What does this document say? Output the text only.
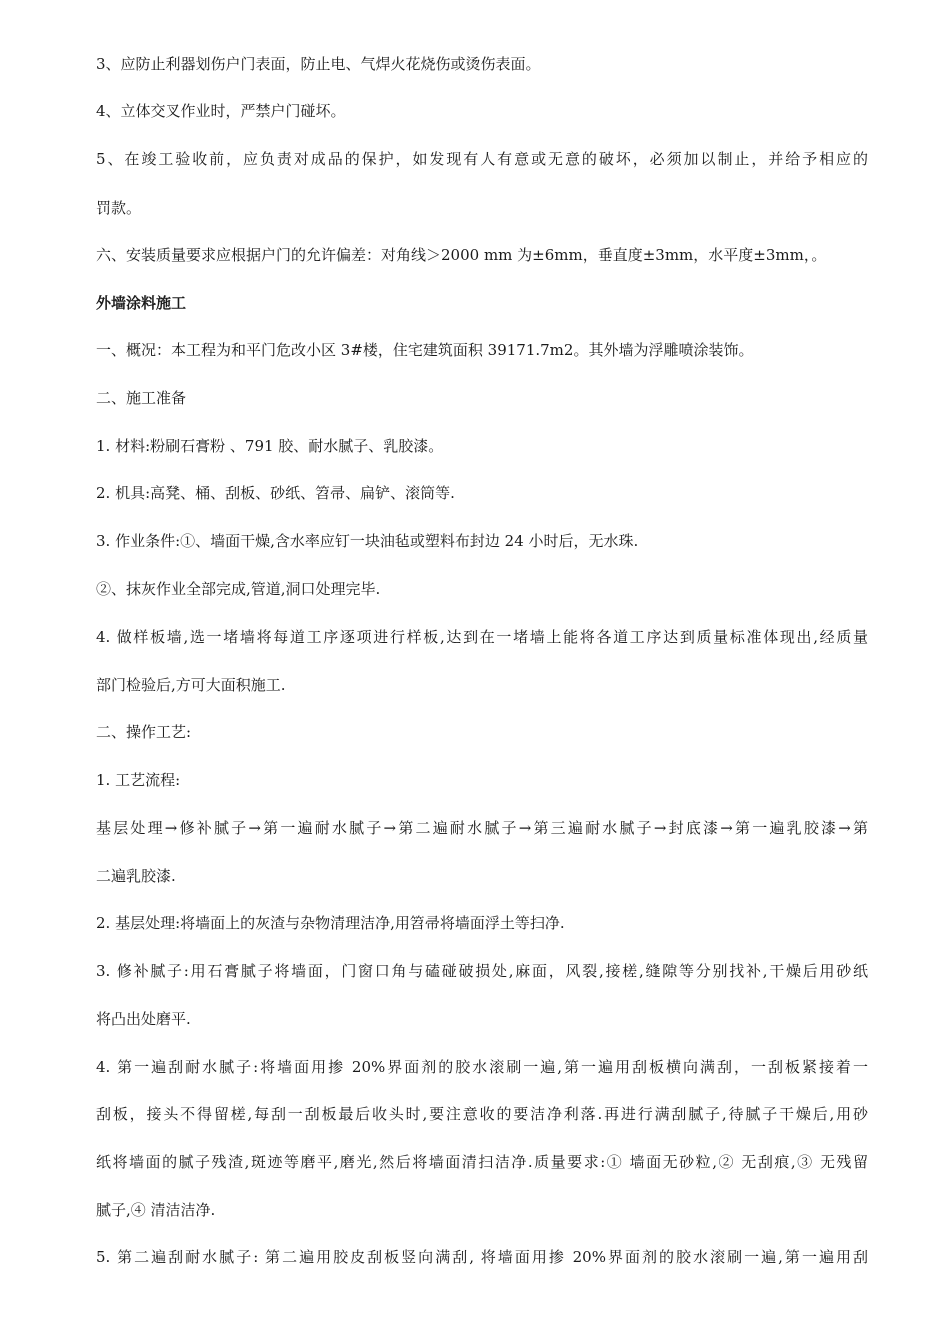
3、应防止利器划伤户门表面，防止电、气焊火花烧伤或烫伤表面。
4、立体交叉作业时，严禁户门碰坏。
5、在竣工验收前，应负责对成品的保护，如发现有人有意或无意的破坏，必须加以制止，并给予相应的
罚款。
六、安装质量要求应根据户门的允许偏差：对角线＞2000 mm 为±6mm，垂直度±3mm，水平度±3mm，。
外墙涂料施工
一、概况：本工程为和平门危改小区 3#楼，住宅建筑面积 39171.7m2。其外墙为浮雕喷涂装饰。
二、施工准备
1. 材料:粉刷石膏粉 、791 胶、耐水腻子、乳胶漆。
2. 机具:高凳、桶、刮板、砂纸、笤帚、扁铲、滚筒等.
3. 作业条件:①、墙面干燥,含水率应钉一块油毡或塑料布封边 24 小时后，无水珠.
②、抹灰作业全部完成,管道,洞口处理完毕.
4. 做样板墙,选一堵墙将每道工序逐项进行样板,达到在一堵墙上能将各道工序达到质量标准体现出,经质量
部门检验后,方可大面积施工.
二、操作工艺:
1. 工艺流程:
基层处理→修补腻子→第一遍耐水腻子→第二遍耐水腻子→第三遍耐水腻子→封底漆→第一遍乳胶漆→第
二遍乳胶漆.
2. 基层处理:将墙面上的灰渣与杂物清理洁净,用笤帚将墙面浮土等扫净.
3. 修补腻子:用石膏腻子将墙面，门窗口角与磕碰破损处,麻面，风裂,接槎,缝隙等分别找补,干燥后用砂纸
将凸出处磨平.
4. 第一遍刮耐水腻子:将墙面用掺 20%界面剂的胶水滚刷一遍,第一遍用刮板横向满刮，一刮板紧接着一
刮板，接头不得留槎,每刮一刮板最后收头时,要注意收的要洁净利落.再进行满刮腻子,待腻子干燥后,用砂
纸将墙面的腻子残渣,斑迹等磨平,磨光,然后将墙面清扫洁净.质量要求:① 墙面无砂粒,② 无刮痕,③ 无残留
腻子,④ 清洁洁净.
5. 第二遍刮耐水腻子: 第二遍用胶皮刮板竖向满刮, 将墙面用掺 20%界面剂的胶水滚刷一遍,第一遍用刮
